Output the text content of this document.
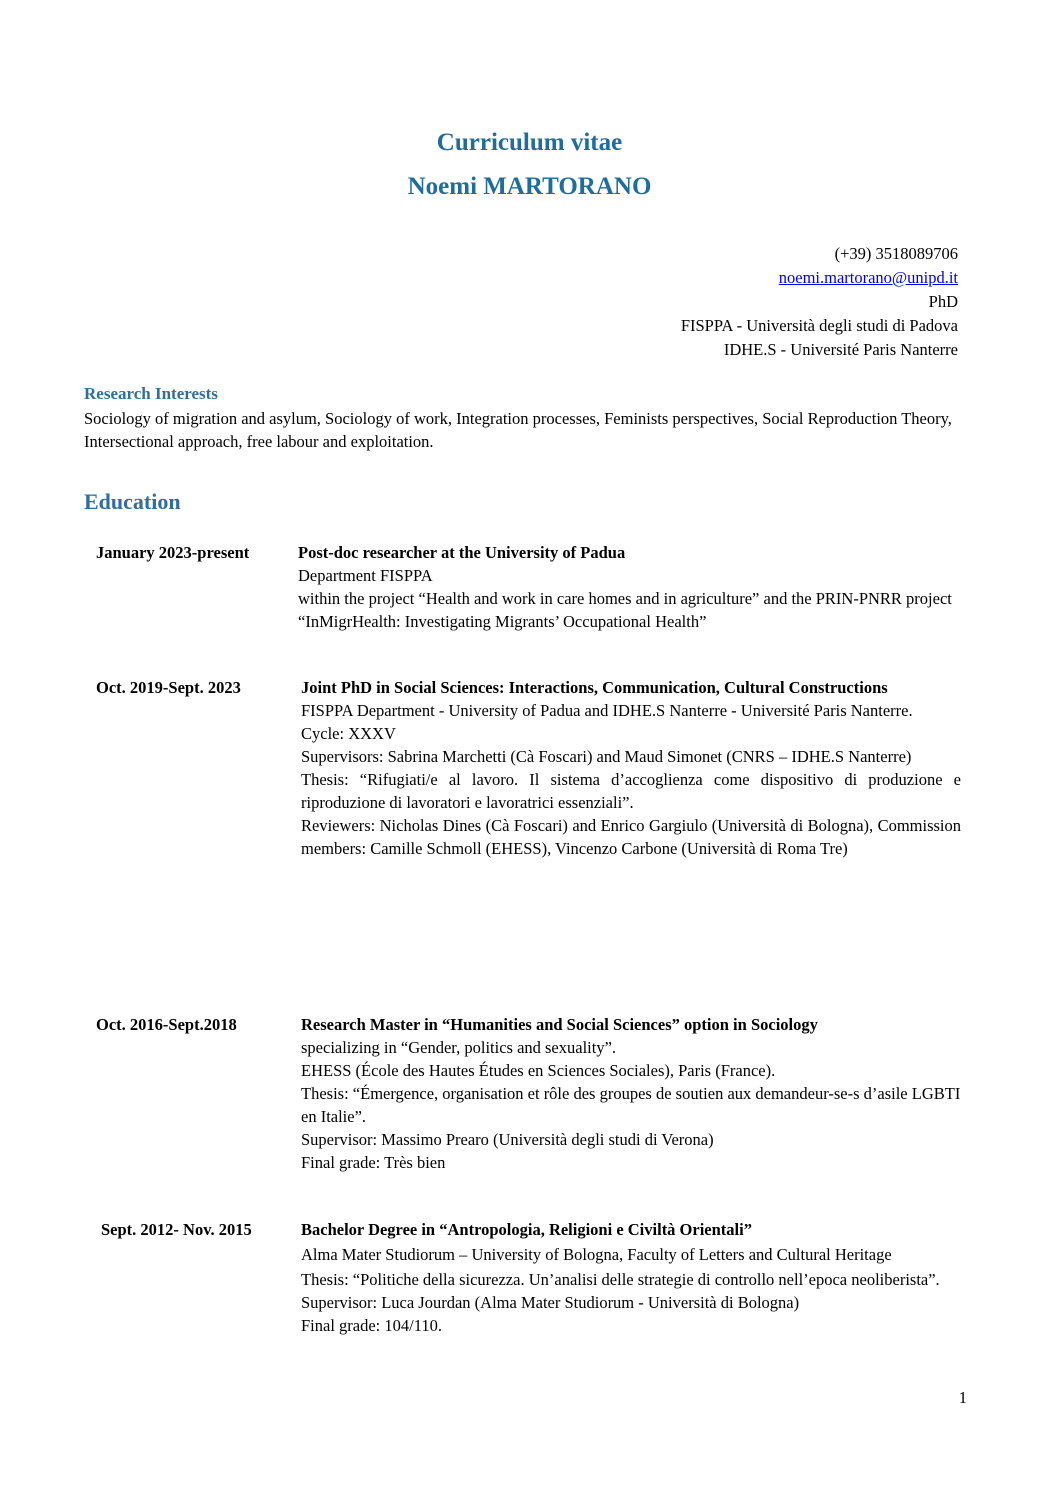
Curriculum vitae
Noemi MARTORANO
(+39) 3518089706
noemi.martorano@unipd.it
PhD
FISPPA - Università degli studi di Padova
IDHE.S - Université Paris Nanterre
Research Interests
Sociology of migration and asylum, Sociology of work, Integration processes, Feminists perspectives, Social Reproduction Theory, Intersectional approach, free labour and exploitation.
Education
January 2023-present	Post-doc researcher at the University of Padua
Department FISPPA
within the project “Health and work in care homes and in agriculture” and the PRIN-PNRR project “InMigrHealth: Investigating Migrants’ Occupational Health”
Oct. 2019-Sept. 2023	Joint PhD in Social Sciences: Interactions, Communication, Cultural Constructions
FISPPA Department - University of Padua and IDHE.S Nanterre - Université Paris Nanterre.
Cycle: XXXV
Supervisors: Sabrina Marchetti (Cà Foscari) and Maud Simonet (CNRS – IDHE.S Nanterre)
Thesis: “Rifugiati/e al lavoro. Il sistema d’accoglienza come dispositivo di produzione e riproduzione di lavoratori e lavoratrici essenziali”.
Reviewers: Nicholas Dines (Cà Foscari) and Enrico Gargiulo (Università di Bologna), Commission members: Camille Schmoll (EHESS), Vincenzo Carbone (Università di Roma Tre)
Oct. 2016-Sept.2018	Research Master in “Humanities and Social Sciences” option in Sociology
specializing in “Gender, politics and sexuality”.
EHESS (École des Hautes Études en Sciences Sociales), Paris (France).
Thesis: “Émergence, organisation et rôle des groupes de soutien aux demandeur-se-s d’asile LGBTI en Italie”.
Supervisor: Massimo Prearo (Università degli studi di Verona)
Final grade: Très bien
Sept. 2012- Nov. 2015	Bachelor Degree in “Antropologia, Religioni e Civiltà Orientali”
Alma Mater Studiorum – University of Bologna, Faculty of Letters and Cultural Heritage
Thesis: “Politiche della sicurezza. Un’analisi delle strategie di controllo nell’epoca neoliberista”.
Supervisor: Luca Jourdan (Alma Mater Studiorum - Università di Bologna)
Final grade: 104/110.
1
